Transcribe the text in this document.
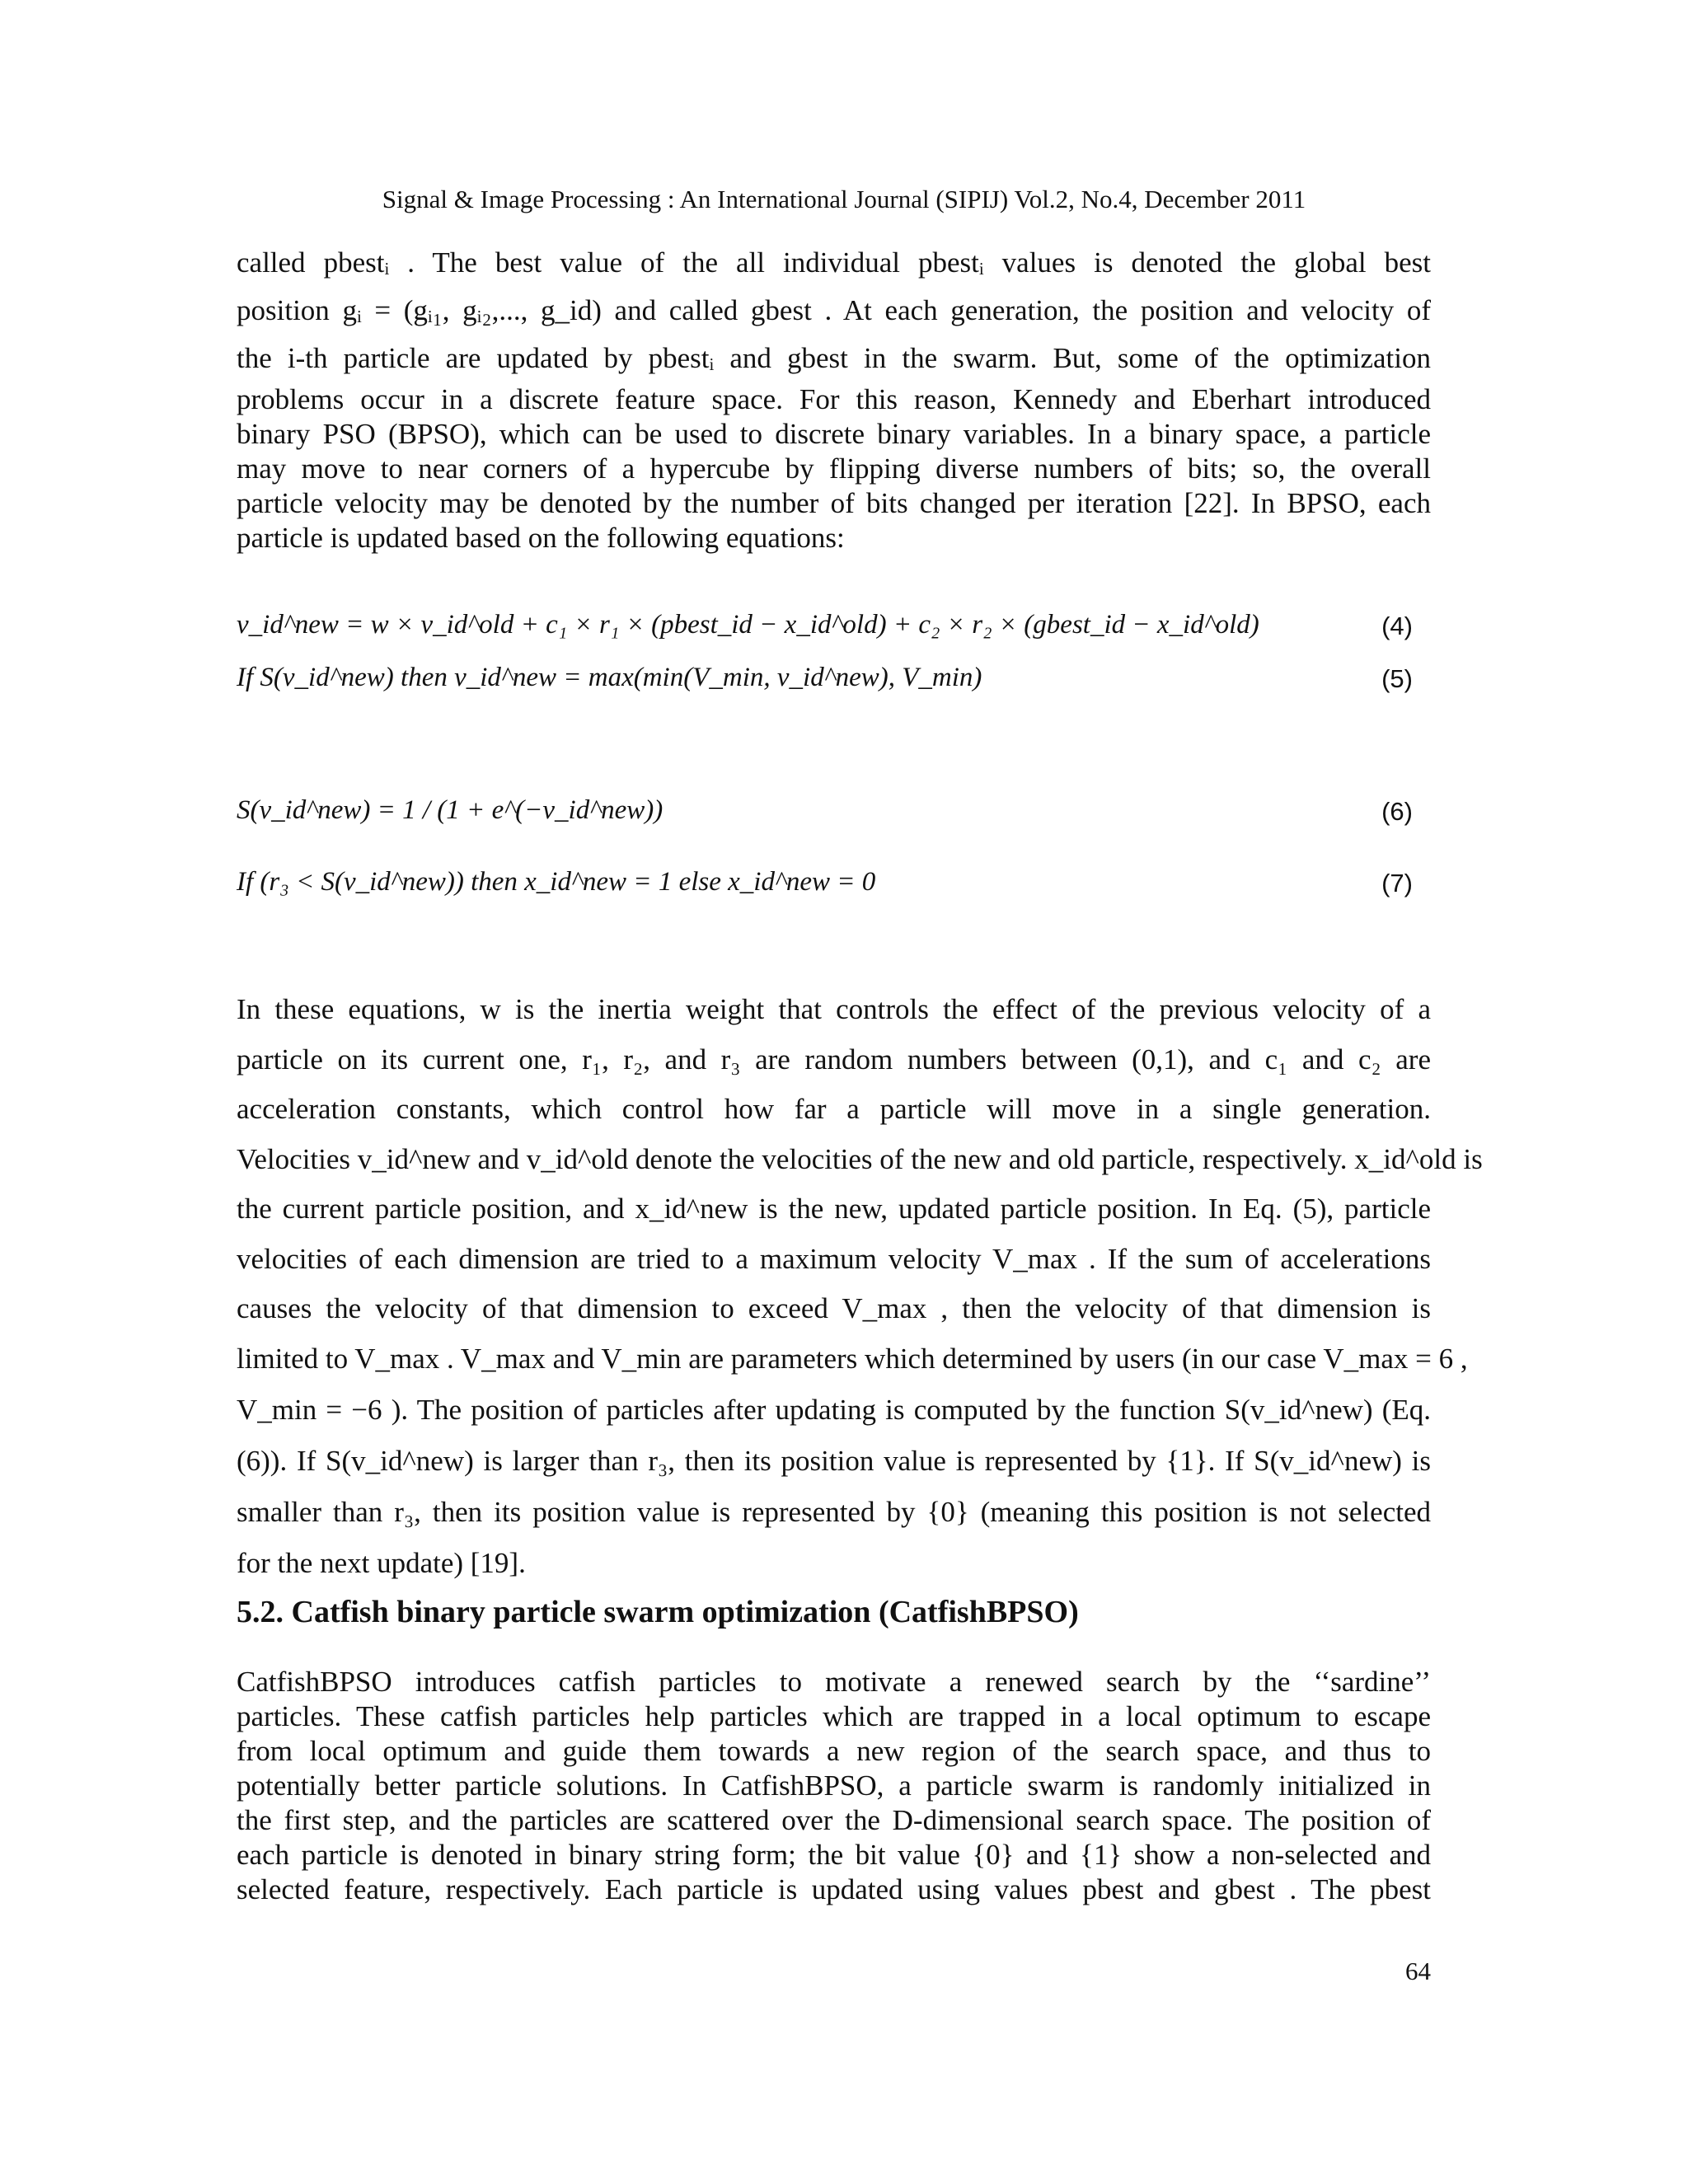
Signal & Image Processing : An International Journal (SIPIJ) Vol.2, No.4, December 2011
called pbestᵢ . The best value of the all individual pbestᵢ values is denoted the global best
position gᵢ = (gᵢ₁, gᵢ₂,..., g_id) and called gbest . At each generation, the position and velocity of
the i-th particle are updated by pbestᵢ and gbest in the swarm. But, some of the optimization
problems occur in a discrete feature space. For this reason, Kennedy and Eberhart introduced
binary PSO (BPSO), which can be used to discrete binary variables. In a binary space, a particle
may move to near corners of a hypercube by flipping diverse numbers of bits; so, the overall
particle velocity may be denoted by the number of bits changed per iteration [22]. In BPSO, each
particle is updated based on the following equations:
v_id^new = w × v_id^old + c₁ × r₁ × (pbest_id − x_id^old) + c₂ × r₂ × (gbest_id − x_id^old)	(4)
If S(v_id^new) then v_id^new = max(min(V_min, v_id^new), V_min)	(5)
S(v_id^new) = 1 / (1 + e^(−v_id^new))	(6)
If (r₃ < S(v_id^new)) then x_id^new = 1 else x_id^new = 0	(7)
In these equations, w is the inertia weight that controls the effect of the previous velocity of a
particle on its current one, r₁, r₂, and r₃ are random numbers between (0,1), and c₁ and c₂ are
acceleration constants, which control how far a particle will move in a single generation.
Velocities v_id^new and v_id^old denote the velocities of the new and old particle, respectively. x_id^old is
the current particle position, and x_id^new is the new, updated particle position. In Eq. (5), particle
velocities of each dimension are tried to a maximum velocity V_max . If the sum of accelerations
causes the velocity of that dimension to exceed V_max , then the velocity of that dimension is
limited to V_max . V_max and V_min are parameters which determined by users (in our case V_max = 6 ,
V_min = −6 ). The position of particles after updating is computed by the function S(v_id^new) (Eq.
(6)). If S(v_id^new) is larger than r₃, then its position value is represented by {1}. If S(v_id^new) is
smaller than r₃, then its position value is represented by {0} (meaning this position is not selected
for the next update) [19].
5.2. Catfish binary particle swarm optimization (CatfishBPSO)
CatfishBPSO introduces catfish particles to motivate a renewed search by the ‘‘sardine’’
particles. These catfish particles help particles which are trapped in a local optimum to escape
from local optimum and guide them towards a new region of the search space, and thus to
potentially better particle solutions. In CatfishBPSO, a particle swarm is randomly initialized in
the first step, and the particles are scattered over the D-dimensional search space. The position of
each particle is denoted in binary string form; the bit value {0} and {1} show a non-selected and
selected feature, respectively. Each particle is updated using values pbest and gbest . The pbest
64
